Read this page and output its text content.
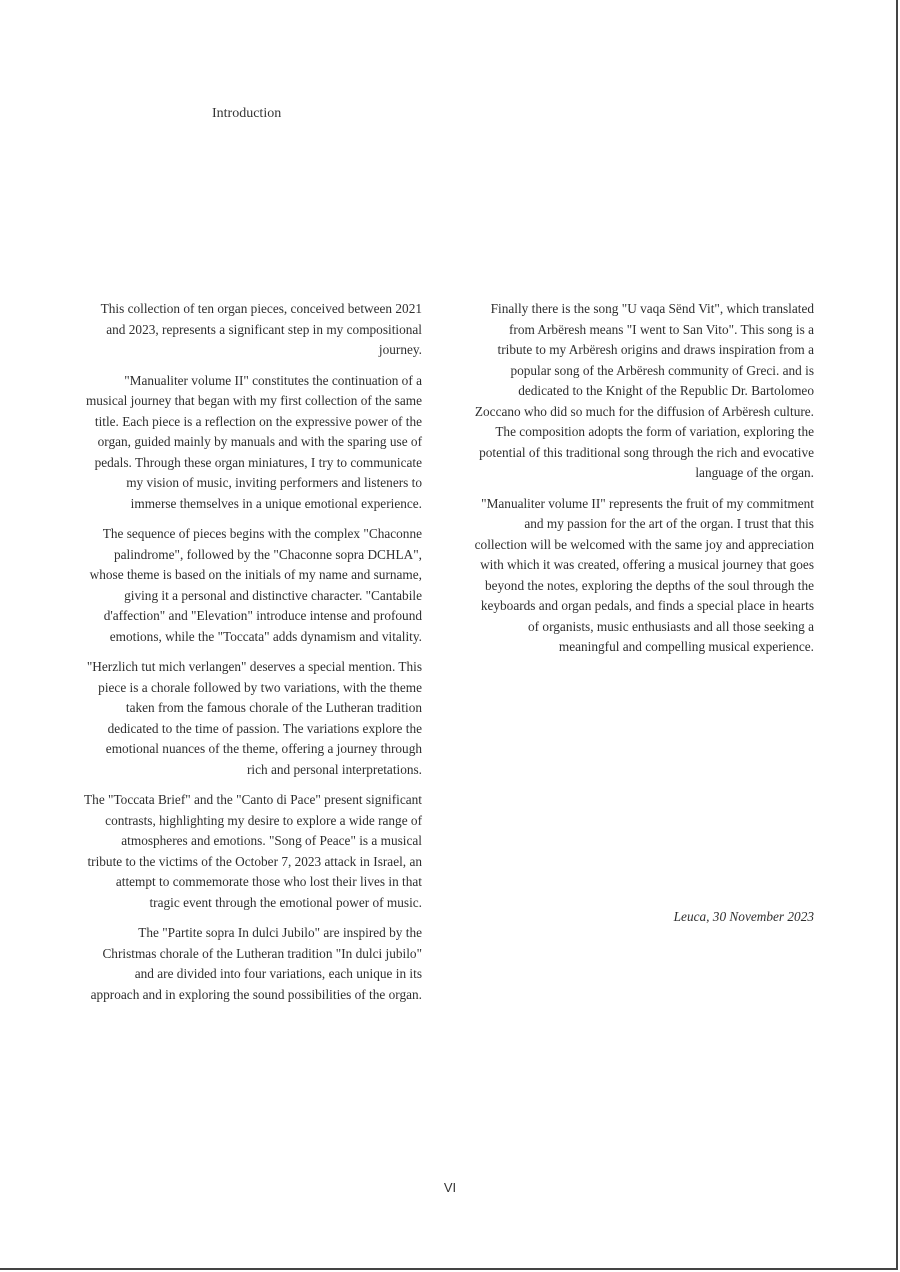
Introduction

This collection of ten organ pieces, conceived between 2021 and 2023, represents a significant step in my compositional journey.

"Manualiter volume II" constitutes the continuation of a musical journey that began with my first collection of the same title. Each piece is a reflection on the expressive power of the organ, guided mainly by manuals and with the sparing use of pedals. Through these organ miniatures, I try to communicate my vision of music, inviting performers and listeners to immerse themselves in a unique emotional experience.

The sequence of pieces begins with the complex "Chaconne palindrome", followed by the "Chaconne sopra DCHLA", whose theme is based on the initials of my name and surname, giving it a personal and distinctive character. "Cantabile d'affection" and "Elevation" introduce intense and profound emotions, while the "Toccata" adds dynamism and vitality.

"Herzlich tut mich verlangen" deserves a special mention. This piece is a chorale followed by two variations, with the theme taken from the famous chorale of the Lutheran tradition dedicated to the time of passion. The variations explore the emotional nuances of the theme, offering a journey through rich and personal interpretations.

The "Toccata Brief" and the "Canto di Pace" present significant contrasts, highlighting my desire to explore a wide range of atmospheres and emotions. "Song of Peace" is a musical tribute to the victims of the October 7, 2023 attack in Israel, an attempt to commemorate those who lost their lives in that tragic event through the emotional power of music.

The "Partite sopra In dulci Jubilo" are inspired by the Christmas chorale of the Lutheran tradition "In dulci jubilo" and are divided into four variations, each unique in its approach and in exploring the sound possibilities of the organ.

Finally there is the song "U vaqa Sënd Vit", which translated from Arbëresh means "I went to San Vito". This song is a tribute to my Arbëresh origins and draws inspiration from a popular song of the Arbëresh community of Greci. and is dedicated to the Knight of the Republic Dr. Bartolomeo Zoccano who did so much for the diffusion of Arbëresh culture. The composition adopts the form of variation, exploring the potential of this traditional song through the rich and evocative language of the organ.

"Manualiter volume II" represents the fruit of my commitment and my passion for the art of the organ. I trust that this collection will be welcomed with the same joy and appreciation with which it was created, offering a musical journey that goes beyond the notes, exploring the depths of the soul through the keyboards and organ pedals, and finds a special place in hearts of organists, music enthusiasts and all those seeking a meaningful and compelling musical experience.

Leuca, 30 November 2023

VI
